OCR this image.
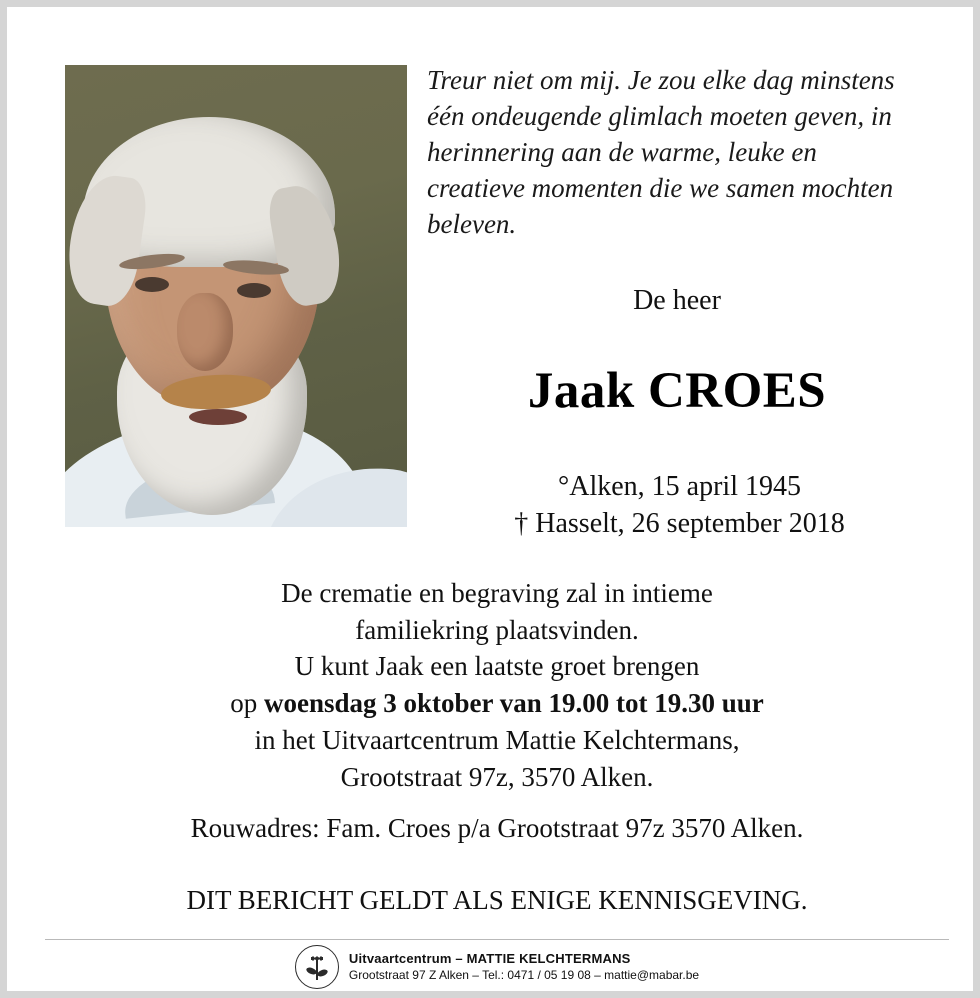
Treur niet om mij. Je zou elke dag minstens één ondeugende glimlach moeten geven, in herinnering aan de warme, leuke en creatieve momenten die we samen mochten beleven.
De heer
Jaak CROES
°Alken, 15 april 1945
† Hasselt, 26 september 2018
De crematie en begraving zal in intieme
familiekring plaatsvinden.
U kunt Jaak een laatste groet brengen
op woensdag 3 oktober van 19.00 tot 19.30 uur
in het Uitvaartcentrum Mattie Kelchtermans,
Grootstraat 97z, 3570 Alken.
Rouwadres: Fam. Croes p/a Grootstraat 97z 3570 Alken.
DIT BERICHT GELDT ALS ENIGE KENNISGEVING.
Uitvaartcentrum – MATTIE KELCHTERMANS
Grootstraat 97 Z Alken – Tel.: 0471 / 05 19 08 – mattie@mabar.be
